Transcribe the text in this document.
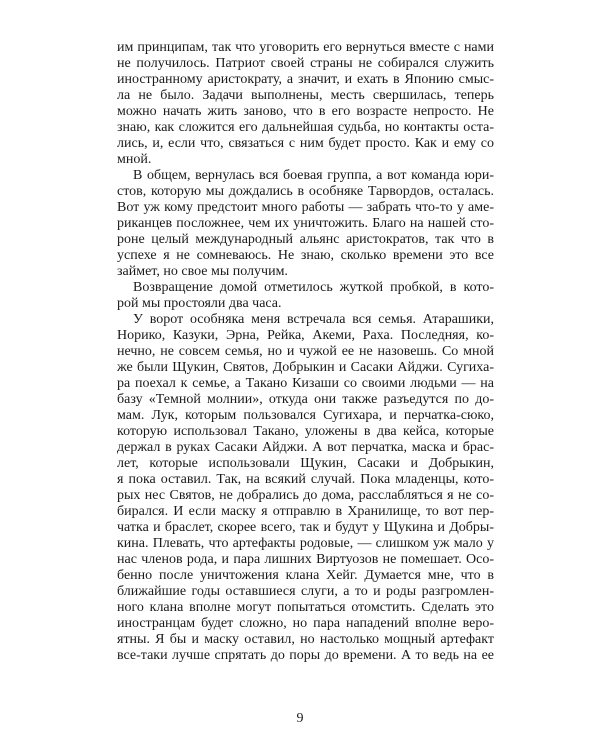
им принципам, так что уговорить его вернуться вместе с нами
не получилось. Патриот своей страны не собирался служить
иностранному аристократу, а значит, и ехать в Японию смыс-
ла не было. Задачи выполнены, месть свершилась, теперь
можно начать жить заново, что в его возрасте непросто. Не
знаю, как сложится его дальнейшая судьба, но контакты оста-
лись, и, если что, связаться с ним будет просто. Как и ему со
мной.
В общем, вернулась вся боевая группа, а вот команда юри-
стов, которую мы дождались в особняке Тарвордов, осталась.
Вот уж кому предстоит много работы — забрать что-то у аме-
риканцев посложнее, чем их уничтожить. Благо на нашей сто-
роне целый международный альянс аристократов, так что в
успехе я не сомневаюсь. Не знаю, сколько времени это все
займет, но свое мы получим.
Возвращение домой отметилось жуткой пробкой, в кото-
рой мы простояли два часа.
У ворот особняка меня встречала вся семья. Атарашики,
Норико, Казуки, Эрна, Рейка, Акеми, Раха. Последняя, ко-
нечно, не совсем семья, но и чужой ее не назовешь. Со мной
же были Щукин, Святов, Добрыкин и Сасаки Айджи. Сугиха-
ра поехал к семье, а Такано Кизаши со своими людьми — на
базу «Темной молнии», откуда они также разъедутся по до-
мам. Лук, которым пользовался Сугихара, и перчатка-сюко,
которую использовал Такано, уложены в два кейса, которые
держал в руках Сасаки Айджи. А вот перчатка, маска и брас-
лет, которые использовали Щукин, Сасаки и Добрыкин,
я пока оставил. Так, на всякий случай. Пока младенцы, кото-
рых нес Святов, не добрались до дома, расслабляться я не со-
бирался. И если маску я отправлю в Хранилище, то вот пер-
чатка и браслет, скорее всего, так и будут у Щукина и Добры-
кина. Плевать, что артефакты родовые, — слишком уж мало у
нас членов рода, и пара лишних Виртуозов не помешает. Осо-
бенно после уничтожения клана Хейг. Думается мне, что в
ближайшие годы оставшиеся слуги, а то и роды разгромлен-
ного клана вполне могут попытаться отомстить. Сделать это
иностранцам будет сложно, но пара нападений вполне веро-
ятны. Я бы и маску оставил, но настолько мощный артефакт
все-таки лучше спрятать до поры до времени. А то ведь на ее
9
